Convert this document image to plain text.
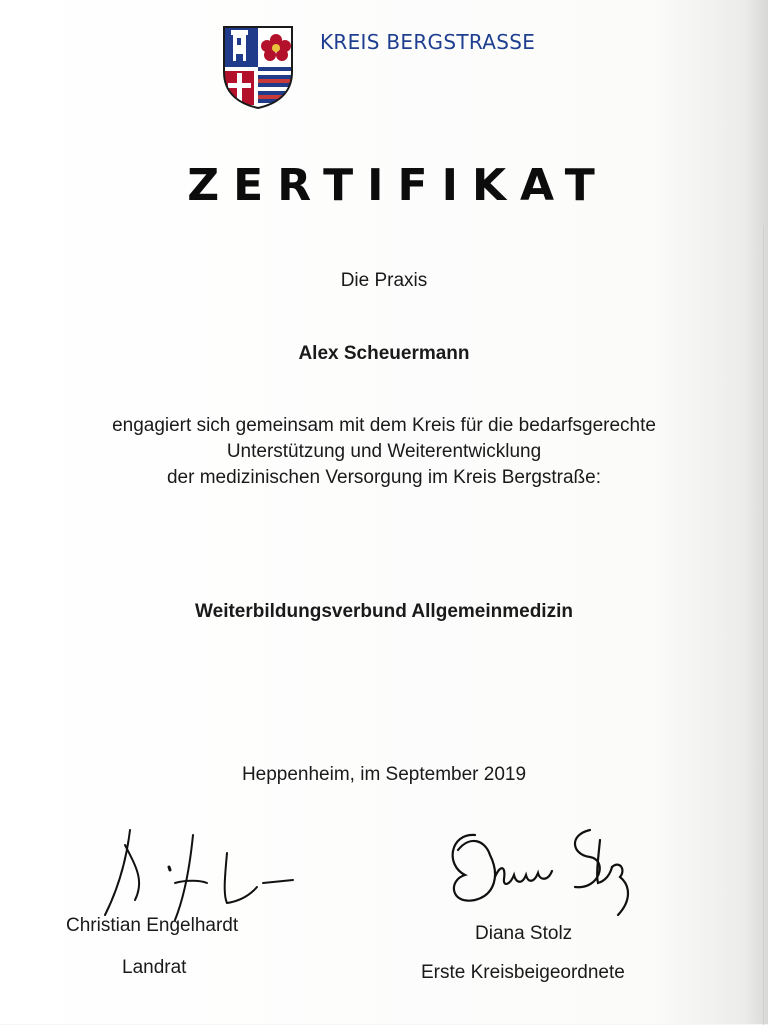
KREIS BERGSTRASSE
ZERTIFIKAT
Die Praxis
Alex Scheuermann
engagiert sich gemeinsam mit dem Kreis für die bedarfsgerechte
Unterstützung und Weiterentwicklung
der medizinischen Versorgung im Kreis Bergstraße:
Weiterbildungsverbund Allgemeinmedizin
Heppenheim, im September 2019
Christian Engelhardt
Landrat
Diana Stolz
Erste Kreisbeigeordnete
